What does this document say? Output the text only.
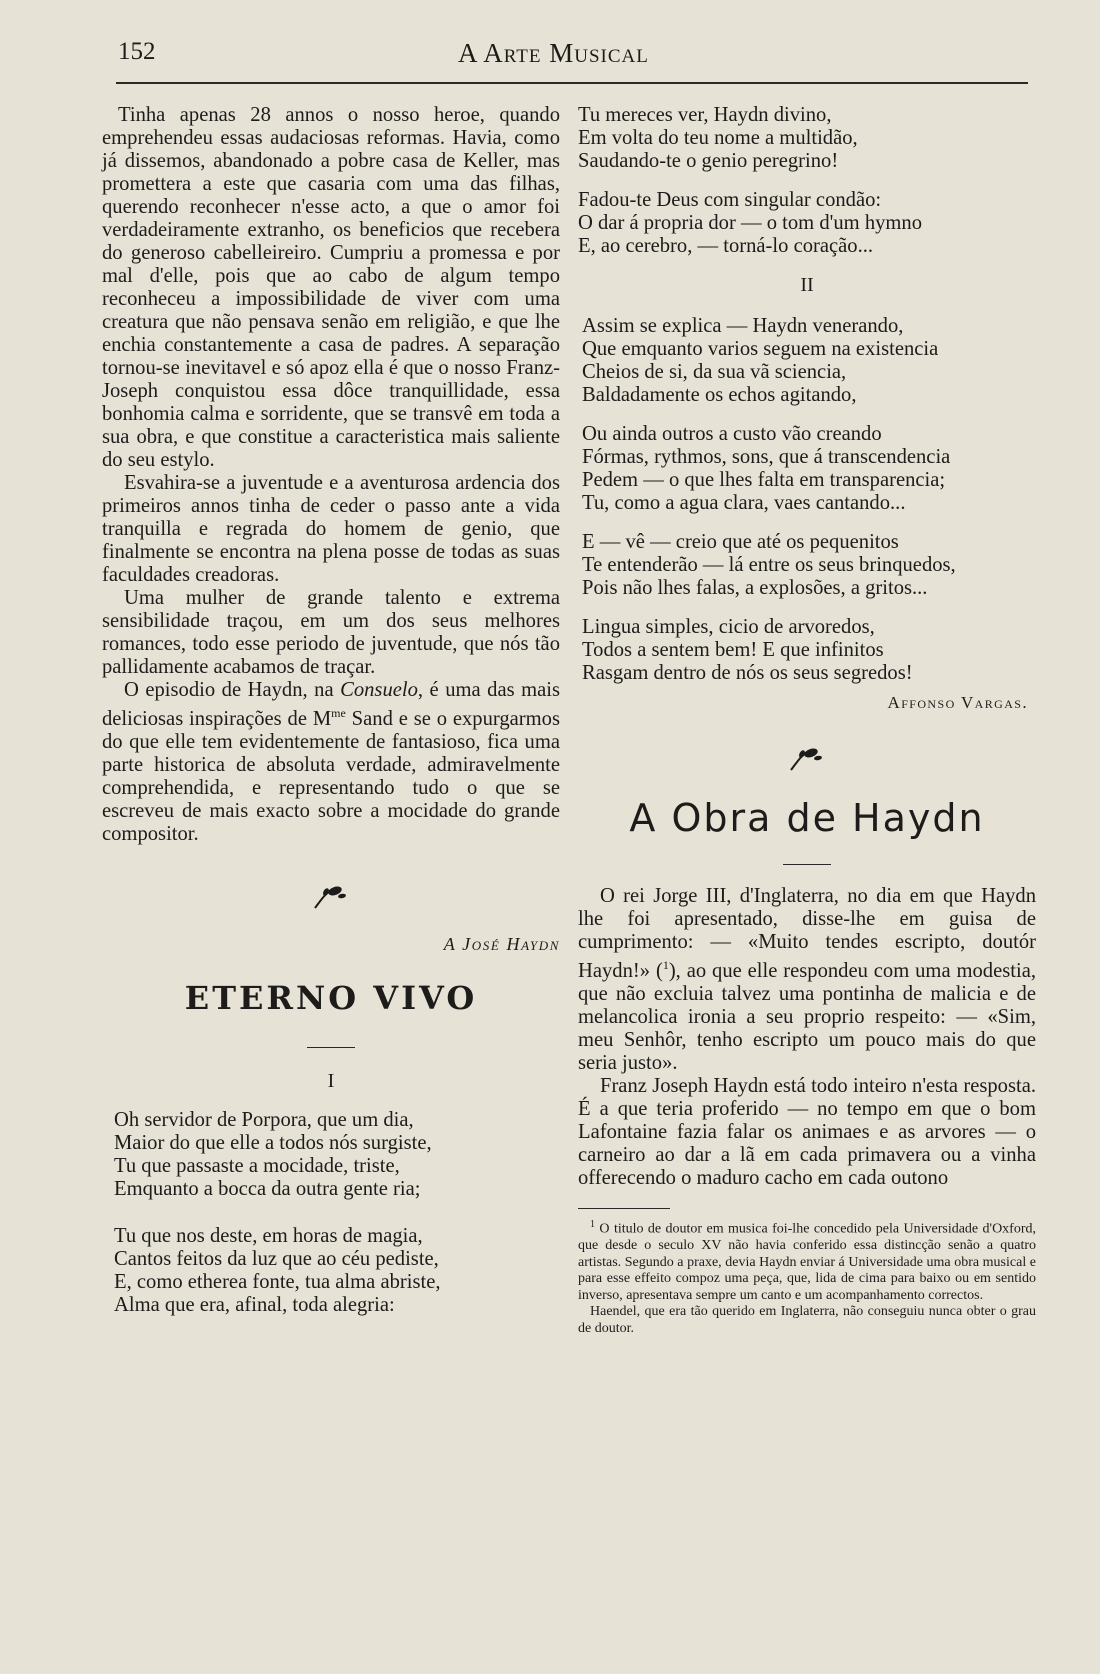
152	A Arte Musical

Tinha apenas 28 annos o nosso heroe, quando emprehendeu essas audaciosas reformas. Havia, como já dissemos, abandonado a pobre casa de Keller, mas promettera a este que casaria com uma das filhas, querendo reconhecer n'esse acto, a que o amor foi verdadeiramente extranho, os beneficios que recebera do generoso cabelleireiro. Cumpriu a promessa e por mal d'elle, pois que ao cabo de algum tempo reconheceu a impossibilidade de viver com uma creatura que não pensava senão em religião, e que lhe enchia constantemente a casa de padres. A separação tornou-se inevitavel e só apoz ella é que o nosso Franz-Joseph conquistou essa dôce tranquillidade, essa bonhomia calma e sorridente, que se transvê em toda a sua obra, e que constitue a caracteristica mais saliente do seu estylo.

Esvahira-se a juventude e a aventurosa ardencia dos primeiros annos tinha de ceder o passo ante a vida tranquilla e regrada do homem de genio, que finalmente se encontra na plena posse de todas as suas faculdades creadoras.

Uma mulher de grande talento e extrema sensibilidade traçou, em um dos seus melhores romances, todo esse periodo de juventude, que nós tão pallidamente acabamos de traçar.

O episodio de Haydn, na Consuelo, é uma das mais deliciosas inspirações de $M^{me}$ Sand e se o expurgarmos do que elle tem evidentemente de fantasioso, fica uma parte historica de absoluta verdade, admiravelmente comprehendida, e representando tudo o que se escreveu de mais exacto sobre a mocidade do grande compositor.

A José Haydn

ETERNO VIVO

I

Oh servidor de Porpora, que um dia,
Maior do que elle a todos nós surgiste,
Tu que passaste a mocidade, triste,
Emquanto a bocca da outra gente ria;
Tu que nos deste, em horas de magia,
Cantos feitos da luz que ao céu pediste,
E, como etherea fonte, tua alma abriste,
Alma que era, afinal, toda alegria:
Tu mereces ver, Haydn divino,
Em volta do teu nome a multidão,
Saudando-te o genio peregrino!
Fadou-te Deus com singular condão:
O dar á propria dor — o tom d'um hymno
E, ao cerebro, — torná-lo coração...

II

Assim se explica — Haydn venerando,
Que emquanto varios seguem na existencia
Cheios de si, da sua vã sciencia,
Baldadamente os echos agitando,
Ou ainda outros a custo vão creando
Fórmas, rythmos, sons, que á transcendencia
Pedem — o que lhes falta em transparencia;
Tu, como a agua clara, vaes cantando...
E — vê — creio que até os pequenitos
Te entenderão — lá entre os seus brinquedos,
Pois não lhes falas, a explosões, a gritos...
Lingua simples, cicio de arvoredos,
Todos a sentem bem! E que infinitos
Rasgam dentro de nós os seus segredos!

Affonso Vargas.

A Obra de Haydn

O rei Jorge III, d'Inglaterra, no dia em que Haydn lhe foi apresentado, disse-lhe em guisa de cumprimento: — «Muito tendes escripto, doutór Haydn!» ($^1$), ao que elle respondeu com uma modestia, que não excluia talvez uma pontinha de malicia e de melancolica ironia a seu proprio respeito: — «Sim, meu Senhôr, tenho escripto um pouco mais do que seria justo».

Franz Joseph Haydn está todo inteiro n'esta resposta. É a que teria proferido — no tempo em que o bom Lafontaine fazia falar os animaes e as arvores — o carneiro ao dar a lã em cada primavera ou a vinha offerecendo o maduro cacho em cada outono

$^1$ O titulo de doutor em musica foi-lhe concedido pela Universidade d'Oxford, que desde o seculo XV não havia conferido essa distincção senão a quatro artistas. Segundo a praxe, devia Haydn enviar á Universidade uma obra musical e para esse effeito compoz uma peça, que, lida de cima para baixo ou em sentido inverso, apresentava sempre um canto e um acompanhamento correctos.

Haendel, que era tão querido em Inglaterra, não conseguiu nunca obter o grau de doutor.
